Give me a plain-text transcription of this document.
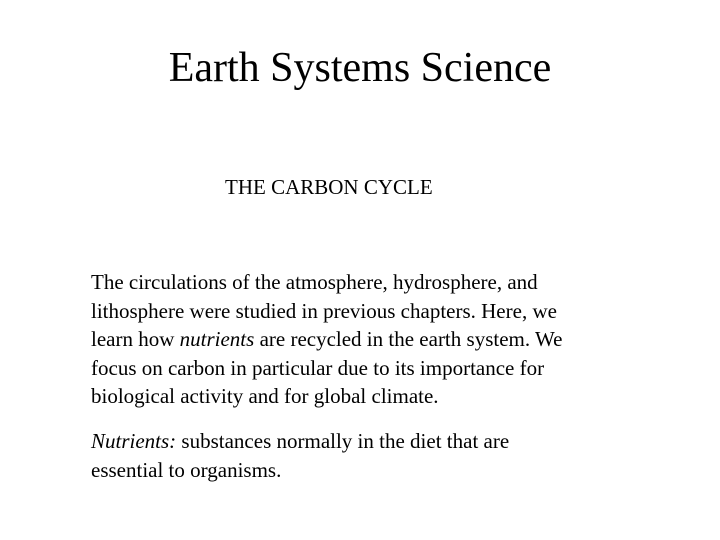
Earth Systems Science
THE CARBON CYCLE

The circulations of the atmosphere, hydrosphere, and
lithosphere were studied in previous chapters. Here, we
learn how nutrients are recycled in the earth system. We
focus on carbon in particular due to its importance for
biological activity and for global climate.

Nutrients: substances normally in the diet that are
essential to organisms.
